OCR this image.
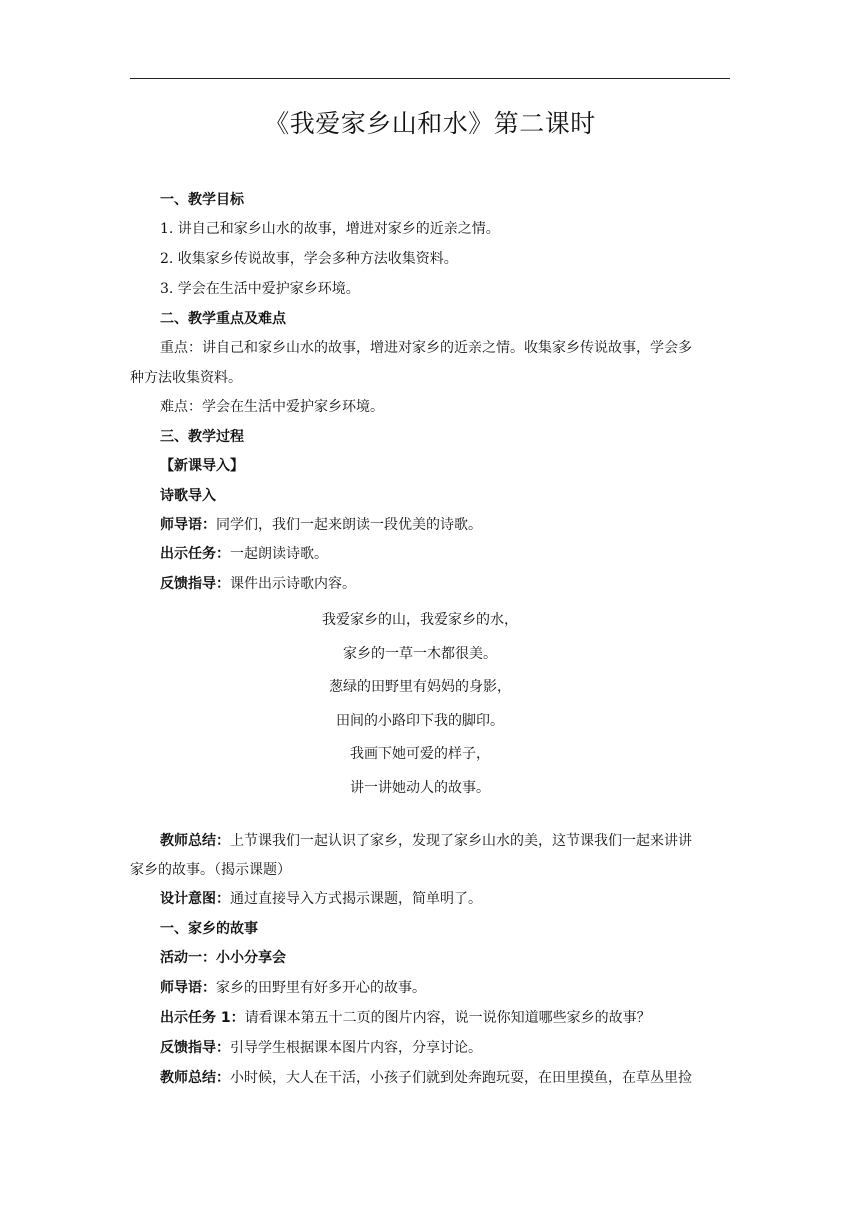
《我爱家乡山和水》第二课时
一、教学目标
1. 讲自己和家乡山水的故事，增进对家乡的近亲之情。
2. 收集家乡传说故事，学会多种方法收集资料。
3. 学会在生活中爱护家乡环境。
二、教学重点及难点
重点：讲自己和家乡山水的故事，增进对家乡的近亲之情。收集家乡传说故事，学会多
种方法收集资料。
难点：学会在生活中爱护家乡环境。
三、教学过程
【新课导入】
诗歌导入
师导语：同学们，我们一起来朗读一段优美的诗歌。
出示任务：一起朗读诗歌。
反馈指导：课件出示诗歌内容。
我爱家乡的山，我爱家乡的水，
家乡的一草一木都很美。
葱绿的田野里有妈妈的身影，
田间的小路印下我的脚印。
我画下她可爱的样子，
讲一讲她动人的故事。
教师总结：上节课我们一起认识了家乡，发现了家乡山水的美，这节课我们一起来讲讲
家乡的故事。（揭示课题）
设计意图：通过直接导入方式揭示课题，简单明了。
一、家乡的故事
活动一：小小分享会
师导语：家乡的田野里有好多开心的故事。
出示任务 1：请看课本第五十二页的图片内容，说一说你知道哪些家乡的故事？
反馈指导：引导学生根据课本图片内容，分享讨论。
教师总结：小时候，大人在干活，小孩子们就到处奔跑玩耍，在田里摸鱼，在草丛里捡
